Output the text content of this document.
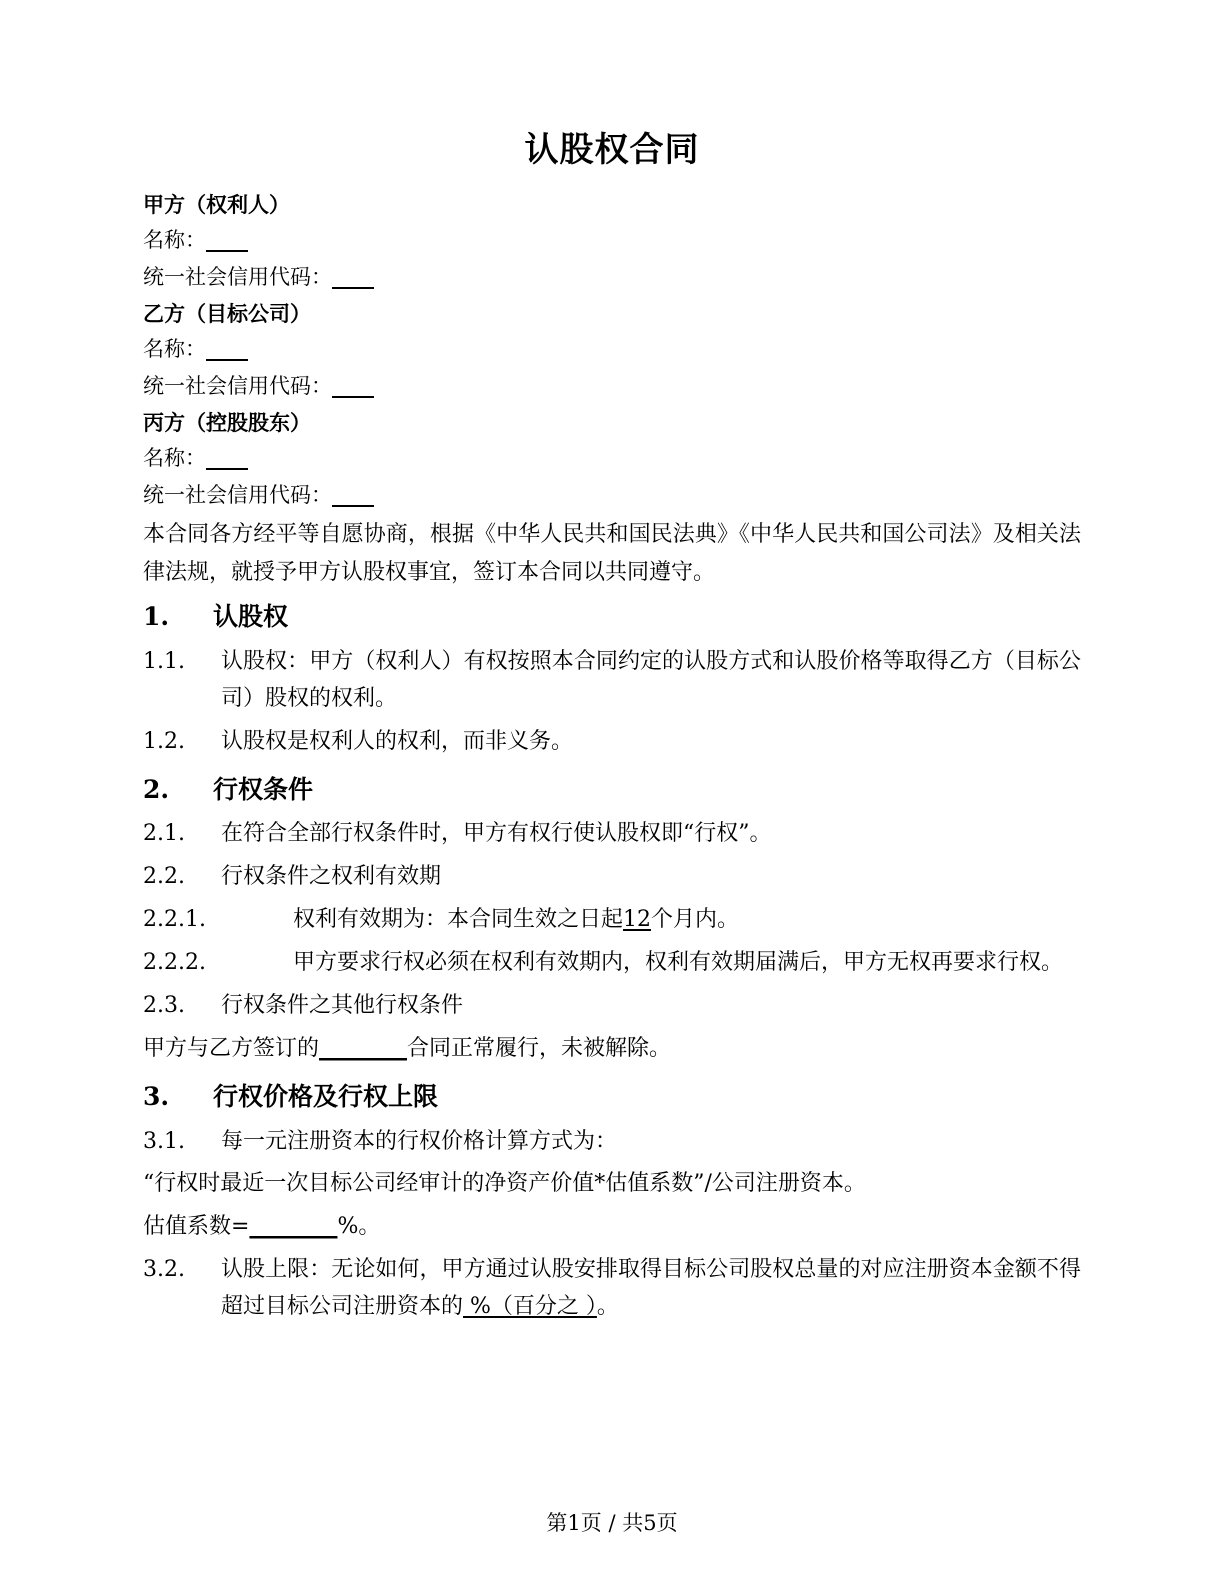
认股权合同
甲方（权利人）
名称：____
统一社会信用代码：____
乙方（目标公司）
名称：____
统一社会信用代码：____
丙方（控股股东）
名称：____
统一社会信用代码：____

本合同各方经平等自愿协商，根据《中华人民共和国民法典》《中华人民共和国公司法》及相关法律法规，就授予甲方认股权事宜，签订本合同以共同遵守。

1.	认股权

1.1.	认股权：甲方（权利人）有权按照本合同约定的认股方式和认股价格等取得乙方（目标公司）股权的权利。

1.2.	认股权是权利人的权利，而非义务。

2.	行权条件

2.1.	在符合全部行权条件时，甲方有权行使认股权即“行权”。

2.2.	行权条件之权利有效期

2.2.1.	权利有效期为：本合同生效之日起12个月内。

2.2.2.	甲方要求行权必须在权利有效期内，权利有效期届满后，甲方无权再要求行权。

2.3.	行权条件之其他行权条件

甲方与乙方签订的________合同正常履行，未被解除。

3.	行权价格及行权上限

3.1.	每一元注册资本的行权价格计算方式为：

“行权时最近一次目标公司经审计的净资产价值*估值系数”/公司注册资本。

估值系数=________%。

3.2.	认股上限：无论如何，甲方通过认股安排取得目标公司股权总量的对应注册资本金额不得超过目标公司注册资本的 %（百分之 ）。

第1页 / 共5页
